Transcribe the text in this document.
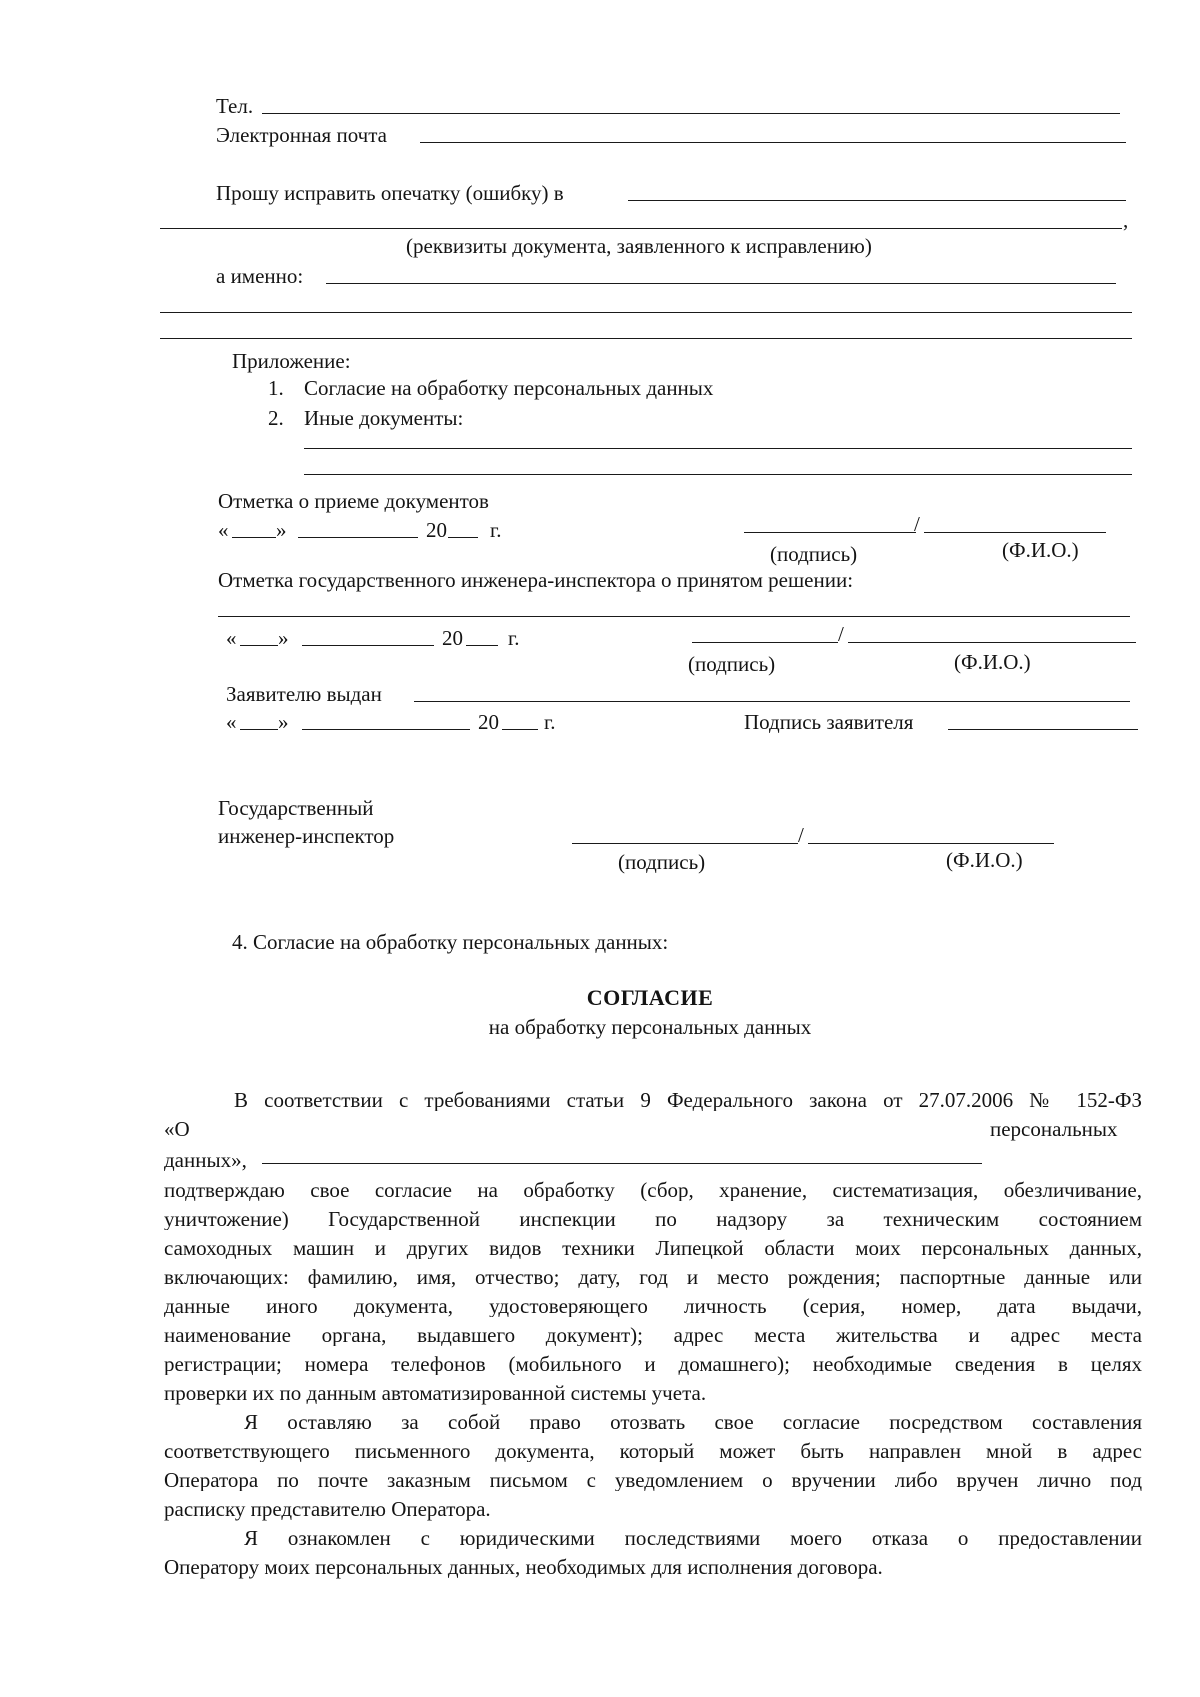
Тел.
Электронная почта
Прошу исправить опечатку (ошибку) в
,
(реквизиты документа, заявленного к исправлению)
а именно:
Приложение:
1. Согласие на обработку персональных данных
2. Иные документы:
Отметка о приеме документов
« »	20 г.	/
(подпись)	(Ф.И.О.)
Отметка государственного инженера-инспектора о принятом решении:
« »	20 г.	/
(подпись)	(Ф.И.О.)
Заявителю выдан
« »	20 г.	Подпись заявителя
Государственный
инженер-инспектор	/
(подпись)	(Ф.И.О.)
4. Согласие на обработку персональных данных:
СОГЛАСИЕ
на обработку персональных данных
В соответствии с требованиями статьи 9 Федерального закона от 27.07.2006 № 152-ФЗ
«О	персональных
данных»,
подтверждаю свое согласие на обработку (сбор, хранение, систематизация, обезличивание,
уничтожение) Государственной инспекции по надзору за техническим состоянием
самоходных машин и других видов техники Липецкой области моих персональных данных,
включающих: фамилию, имя, отчество; дату, год и место рождения; паспортные данные или
данные иного документа, удостоверяющего личность (серия, номер, дата выдачи,
наименование органа, выдавшего документ); адрес места жительства и адрес места
регистрации; номера телефонов (мобильного и домашнего); необходимые сведения в целях
проверки их по данным автоматизированной системы учета.
Я оставляю за собой право отозвать свое согласие посредством составления
соответствующего письменного документа, который может быть направлен мной в адрес
Оператора по почте заказным письмом с уведомлением о вручении либо вручен лично под
расписку представителю Оператора.
Я ознакомлен с юридическими последствиями моего отказа о предоставлении
Оператору моих персональных данных, необходимых для исполнения договора.
